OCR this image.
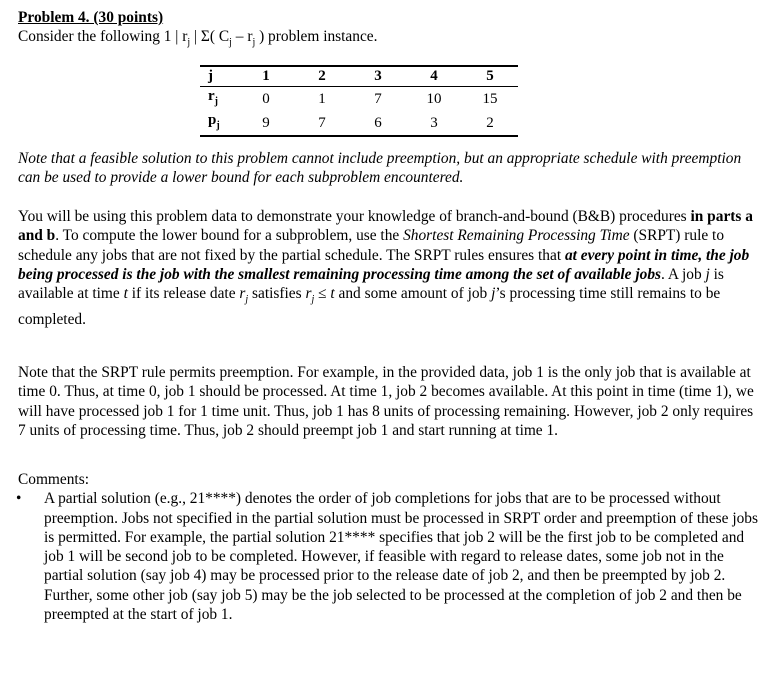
Problem 4. (30 points)

Consider the following 1 | $r_j$ | Σ( $C_j - r_j$ ) problem instance.

j	1	2	3	4	5
$r_j$	0	1	7	10	15
$p_j$	9	7	6	3	2

Note that a feasible solution to this problem cannot include preemption, but an appropriate schedule with preemption can be used to provide a lower bound for each subproblem encountered.

You will be using this problem data to demonstrate your knowledge of branch-and-bound (B&B) procedures in parts a and b. To compute the lower bound for a subproblem, use the Shortest Remaining Processing Time (SRPT) rule to schedule any jobs that are not fixed by the partial schedule. The SRPT rules ensures that at every point in time, the job being processed is the job with the smallest remaining processing time among the set of available jobs. A job j is available at time t if its release date $r_j$ satisfies $r_j \le t$ and some amount of job j’s processing time still remains to be completed.

Note that the SRPT rule permits preemption. For example, in the provided data, job 1 is the only job that is available at time 0. Thus, at time 0, job 1 should be processed. At time 1, job 2 becomes available. At this point in time (time 1), we will have processed job 1 for 1 time unit. Thus, job 1 has 8 units of processing remaining. However, job 2 only requires 7 units of processing time. Thus, job 2 should preempt job 1 and start running at time 1.

Comments:

• A partial solution (e.g., 21****) denotes the order of job completions for jobs that are to be processed without preemption. Jobs not specified in the partial solution must be processed in SRPT order and preemption of these jobs is permitted. For example, the partial solution 21**** specifies that job 2 will be the first job to be completed and job 1 will be second job to be completed. However, if feasible with regard to release dates, some job not in the partial solution (say job 4) may be processed prior to the release date of job 2, and then be preempted by job 2. Further, some other job (say job 5) may be the job selected to be processed at the completion of job 2 and then be preempted at the start of job 1.
